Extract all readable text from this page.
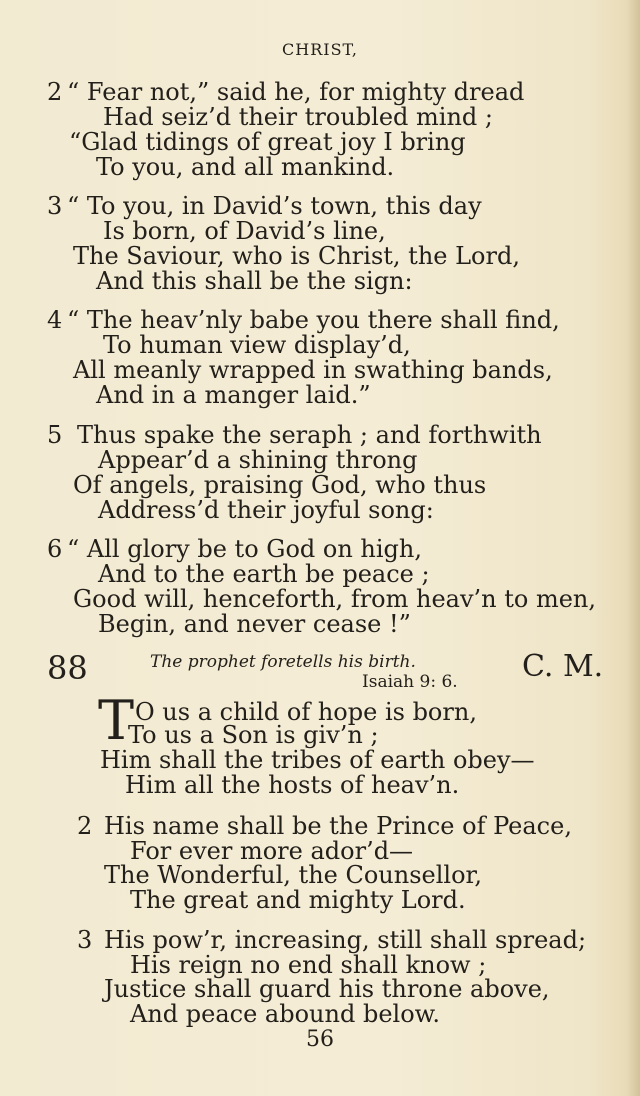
CHRIST,
2 “ Fear not,” said he, for mighty dread
Had seiz’d their troubled mind ;
“Glad tidings of great joy I bring
To you, and all mankind.
3 “ To you, in David’s town, this day
Is born, of David’s line,
The Saviour, who is Christ, the Lord,
And this shall be the sign:
4 “ The heav’nly babe you there shall find,
To human view display’d,
All meanly wrapped in swathing bands,
And in a manger laid.”
5 Thus spake the seraph ; and forthwith
Appear’d a shining throng
Of angels, praising God, who thus
Address’d their joyful song:
6 “ All glory be to God on high,
And to the earth be peace ;
Good will, henceforth, from heav’n to men,
Begin, and never cease !”
88	The prophet foretells his birth.
Isaiah 9: 6. C. M.
T O us a child of hope is born,
To us a Son is giv’n ;
Him shall the tribes of earth obey—
Him all the hosts of heav’n.
2 His name shall be the Prince of Peace,
For ever more ador’d—
The Wonderful, the Counsellor,
The great and mighty Lord.
3 His pow’r, increasing, still shall spread;
His reign no end shall know ;
Justice shall guard his throne above,
And peace abound below.
56
